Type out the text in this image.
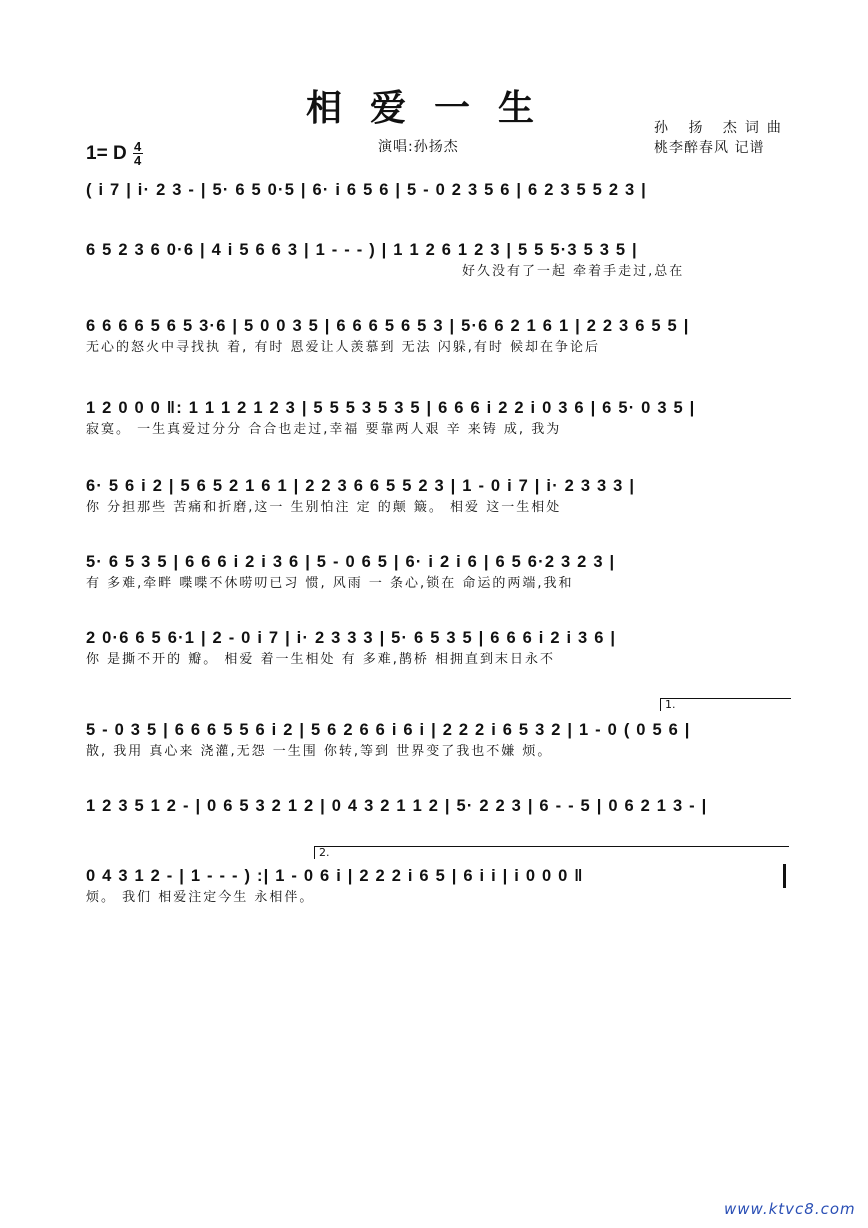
相爱一生
1= D $\frac{4}{4}$	演唱:孙扬杰
孙 扬 杰词曲
桃李醉春风 记谱
( i 7 | i· 2 3 - | 5· 6 5 0·5 | 6· i 6 5 6 | 5 - 0 2 3 5 6 | 6 2 3 5 5 2 3 |
6 5 2 3 6 0·6 | 4 i 5 6 6 3 | 1 - - - ) | 1 1 2 6 1 2 3 | 5 5 5·3 5 3 5 |
好久没有了一起 牵着手走过,总在
6 6 6 6 5 6 5 3·6 | 5 0 0 3 5 | 6 6 6 5 6 5 3 | 5·6 6 2 1 6 1 | 2 2 3 6 5 5 |
无心的怒火中寻找执 着, 有时 恩爱让人羡慕到 无法 闪躲,有时 候却在争论后
1 2 0 0 0 ‖: 1 1 1 2 1 2 3 | 5 5 5 3 5 3 5 | 6 6 6 i 2 2 i 0 3 6 | 6 5· 0 3 5 |
寂寞。 一生真爱过分分 合合也走过,幸福 要靠两人艰 辛 来铸 成, 我为
6· 5 6 i 2 | 5 6 5 2 1 6 1 | 2 2 3 6 6 5 5 2 3 | 1 - 0 i 7 | i· 2 3 3 3 |
你 分担那些 苦痛和折磨,这一 生别怕注 定 的颠 簸。 相爱 这一生相处
5· 6 5 3 5 | 6 6 6 i 2 i 3 6 | 5 - 0 6 5 | 6· i 2 i 6 | 6 5 6·2 3 2 3 |
有 多难,牵畔 喋喋不休唠叨已习 惯, 风雨 一 条心,锁在 命运的两端,我和
2 0·6 6 5 6·1 | 2 - 0 i 7 | i· 2 3 3 3 | 5· 6 5 3 5 | 6 6 6 i 2 i 3 6 |
你 是撕不开的 瓣。 相爱 着一生相处 有 多难,鹊桥 相拥直到末日永不
1.
5 - 0 3 5 | 6 6 6 5 5 6 i 2 | 5 6 2 6 6 i 6 i | 2 2 2 i 6 5 3 2 | 1 - 0 ( 0 5 6 |
散, 我用 真心来 浇灌,无怨 一生围 你转,等到 世界变了我也不嫌 烦。
1 2 3 5 1 2 - | 0 6 5 3 2 1 2 | 0 4 3 2 1 1 2 | 5· 2 2 3 | 6 - - 5 | 0 6 2 1 3 - |
2.
0 4 3 1 2 - | 1 - - - ) :| 1 - 0 6 i | 2 2 2 i 6 5 | 6 i i | i 0 0 0 ‖
烦。 我们 相爱注定今生 永相伴。
www.ktvc8.com
